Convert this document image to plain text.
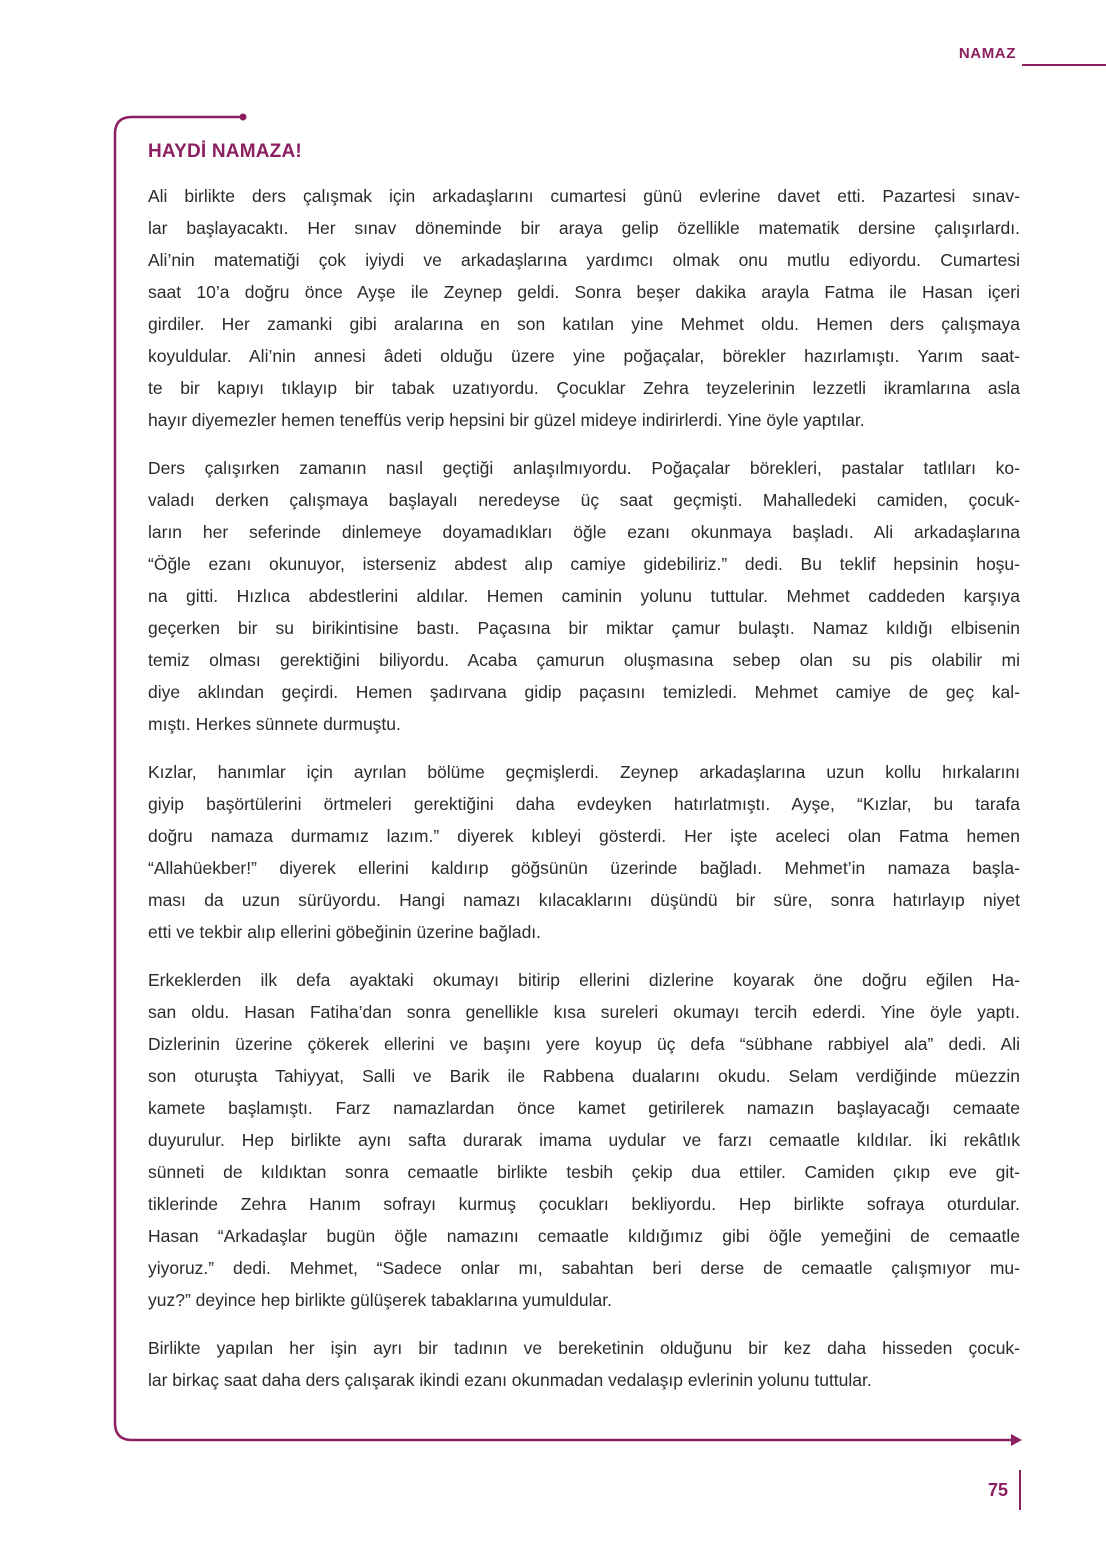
NAMAZ
HAYDİ NAMAZA!
Ali birlikte ders çalışmak için arkadaşlarını cumartesi günü evlerine davet etti. Pazartesi sınav-
lar başlayacaktı. Her sınav döneminde bir araya gelip özellikle matematik dersine çalışırlardı.
Ali’nin matematiği çok iyiydi ve arkadaşlarına yardımcı olmak onu mutlu ediyordu. Cumartesi
saat 10’a doğru önce Ayşe ile Zeynep geldi. Sonra beşer dakika arayla Fatma ile Hasan içeri
girdiler. Her zamanki gibi aralarına en son katılan yine Mehmet oldu. Hemen ders çalışmaya
koyuldular. Ali’nin annesi âdeti olduğu üzere yine poğaçalar, börekler hazırlamıştı. Yarım saat-
te bir kapıyı tıklayıp bir tabak uzatıyordu. Çocuklar Zehra teyzelerinin lezzetli ikramlarına asla
hayır diyemezler hemen teneffüs verip hepsini bir güzel mideye indirirlerdi. Yine öyle yaptılar.
Ders çalışırken zamanın nasıl geçtiği anlaşılmıyordu. Poğaçalar börekleri, pastalar tatlıları ko-
valadı derken çalışmaya başlayalı neredeyse üç saat geçmişti. Mahalledeki camiden, çocuk-
ların her seferinde dinlemeye doyamadıkları öğle ezanı okunmaya başladı. Ali arkadaşlarına
“Öğle ezanı okunuyor, isterseniz abdest alıp camiye gidebiliriz.” dedi. Bu teklif hepsinin hoşu-
na gitti. Hızlıca abdestlerini aldılar. Hemen caminin yolunu tuttular. Mehmet caddeden karşıya
geçerken bir su birikintisine bastı. Paçasına bir miktar çamur bulaştı. Namaz kıldığı elbisenin
temiz olması gerektiğini biliyordu. Acaba çamurun oluşmasına sebep olan su pis olabilir mi
diye aklından geçirdi. Hemen şadırvana gidip paçasını temizledi. Mehmet camiye de geç kal-
mıştı. Herkes sünnete durmuştu.
Kızlar, hanımlar için ayrılan bölüme geçmişlerdi. Zeynep arkadaşlarına uzun kollu hırkalarını
giyip başörtülerini örtmeleri gerektiğini daha evdeyken hatırlatmıştı. Ayşe, “Kızlar, bu tarafa
doğru namaza durmamız lazım.” diyerek kıbleyi gösterdi. Her işte aceleci olan Fatma hemen
“Allahüekber!” diyerek ellerini kaldırıp göğsünün üzerinde bağladı. Mehmet’in namaza başla-
ması da uzun sürüyordu. Hangi namazı kılacaklarını düşündü bir süre, sonra hatırlayıp niyet
etti ve tekbir alıp ellerini göbeğinin üzerine bağladı.
Erkeklerden ilk defa ayaktaki okumayı bitirip ellerini dizlerine koyarak öne doğru eğilen Ha-
san oldu. Hasan Fatiha’dan sonra genellikle kısa sureleri okumayı tercih ederdi. Yine öyle yaptı.
Dizlerinin üzerine çökerek ellerini ve başını yere koyup üç defa “sübhane rabbiyel ala” dedi. Ali
son oturuşta Tahiyyat, Salli ve Barik ile Rabbena dualarını okudu. Selam verdiğinde müezzin
kamete başlamıştı. Farz namazlardan önce kamet getirilerek namazın başlayacağı cemaate
duyurulur. Hep birlikte aynı safta durarak imama uydular ve farzı cemaatle kıldılar. İki rekâtlık
sünneti de kıldıktan sonra cemaatle birlikte tesbih çekip dua ettiler. Camiden çıkıp eve git-
tiklerinde Zehra Hanım sofrayı kurmuş çocukları bekliyordu. Hep birlikte sofraya oturdular.
Hasan “Arkadaşlar bugün öğle namazını cemaatle kıldığımız gibi öğle yemeğini de cemaatle
yiyoruz.” dedi. Mehmet, “Sadece onlar mı, sabahtan beri derse de cemaatle çalışmıyor mu-
yuz?” deyince hep birlikte gülüşerek tabaklarına yumuldular.
Birlikte yapılan her işin ayrı bir tadının ve bereketinin olduğunu bir kez daha hisseden çocuk-
lar birkaç saat daha ders çalışarak ikindi ezanı okunmadan vedalaşıp evlerinin yolunu tuttular.
75
